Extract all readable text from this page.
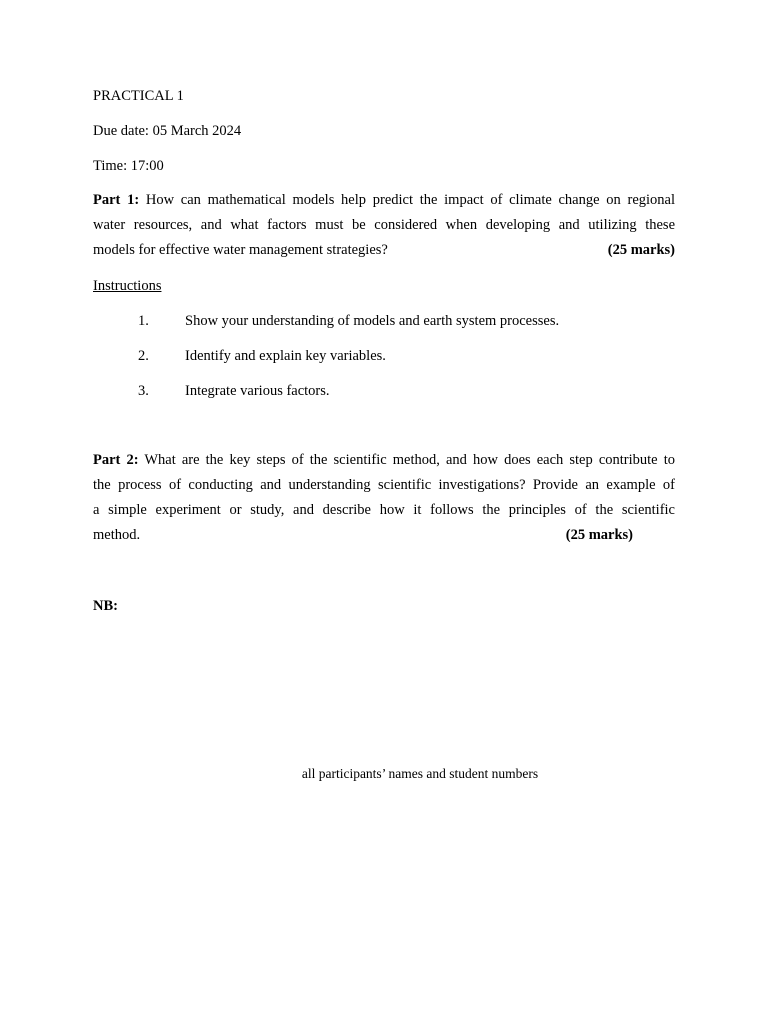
PRACTICAL 1
Due date: 05 March 2024
Time: 17:00
Part 1: How can mathematical models help predict the impact of climate change on regional
water resources, and what factors must be considered when developing and utilizing these
models for effective water management strategies?	(25 marks)
Instructions
1. Show your understanding of models and earth system processes.
2. Identify and explain key variables.
3. Integrate various factors.
Part 2: What are the key steps of the scientific method, and how does each step contribute to
the process of conducting and understanding scientific investigations? Provide an example of
a simple experiment or study, and describe how it follows the principles of the scientific
method.	(25 marks)
NB:
all participants’ names and student numbers
